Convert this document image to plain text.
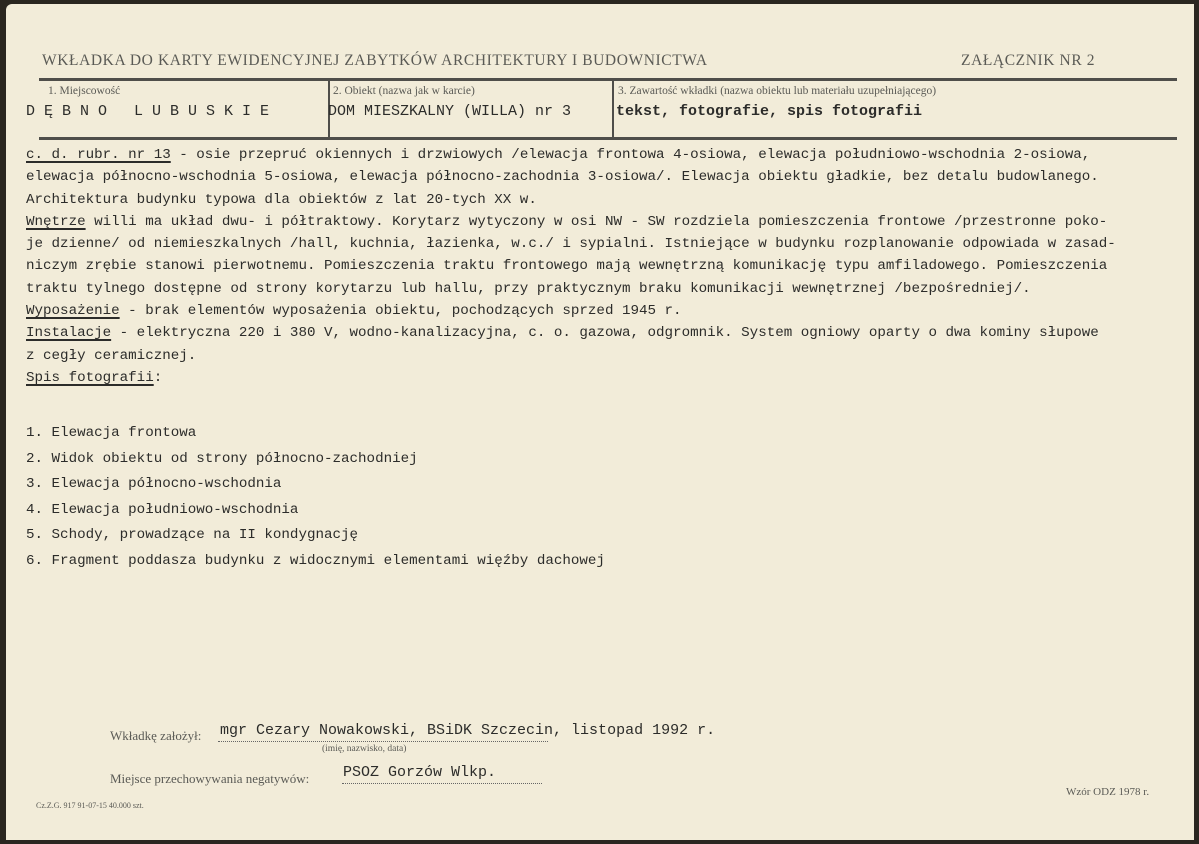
WKŁADKA DO KARTY EWIDENCYJNEJ ZABYTKÓW ARCHITEKTURY I BUDOWNICTWA	ZAŁĄCZNIK NR 2
1. Miejscowość
D Ę B N O   L U B U S K I E
2. Obiekt (nazwa jak w karcie)
DOM MIESZKALNY (WILLA) nr 3
3. Zawartość wkładki (nazwa obiektu lub materiału uzupełniającego)
tekst, fotografie, spis fotografii
c. d. rubr. nr 13 - osie przepruć okiennych i drzwiowych /elewacja frontowa 4-osiowa, elewacja południowo-wschodnia 2-osiowa,
elewacja północno-wschodnia 5-osiowa, elewacja północno-zachodnia 3-osiowa/. Elewacja obiektu gładkie, bez detalu budowlanego.
Architektura budynku typowa dla obiektów z lat 20-tych XX w.
Wnętrze willi ma układ dwu- i półtraktowy. Korytarz wytyczony w osi NW - SW rozdziela pomieszczenia frontowe /przestronne poko-
je dzienne/ od niemieszkalnych /hall, kuchnia, łazienka, w.c./ i sypialni. Istniejące w budynku rozplanowanie odpowiada w zasad-
niczym zrębie stanowi pierwotnemu. Pomieszczenia traktu frontowego mają wewnętrzną komunikację typu amfiladowego. Pomieszczenia
traktu tylnego dostępne od strony korytarzu lub hallu, przy praktycznym braku komunikacji wewnętrznej /bezpośredniej/.
Wyposażenie - brak elementów wyposażenia obiektu, pochodzących sprzed 1945 r.
Instalacje - elektryczna 220 i 380 V, wodno-kanalizacyjna, c. o. gazowa, odgromnik. System ogniowy oparty o dwa kominy słupowe
z cegły ceramicznej.
Spis fotografii:
1. Elewacja frontowa
2. Widok obiektu od strony północno-zachodniej
3. Elewacja północno-wschodnia
4. Elewacja południowo-wschodnia
5. Schody, prowadzące na II kondygnację
6. Fragment poddasza budynku z widocznymi elementami więźby dachowej
Wkładkę założył: mgr Cezary Nowakowski, BSiDK Szczecin, listopad 1992 r.
(imię, nazwisko, data)
Miejsce przechowywania negatywów: PSOZ Gorzów Wlkp.
Cz.Z.G. 917 91-07-15 40.000 szt.
Wzór ODZ 1978 r.
